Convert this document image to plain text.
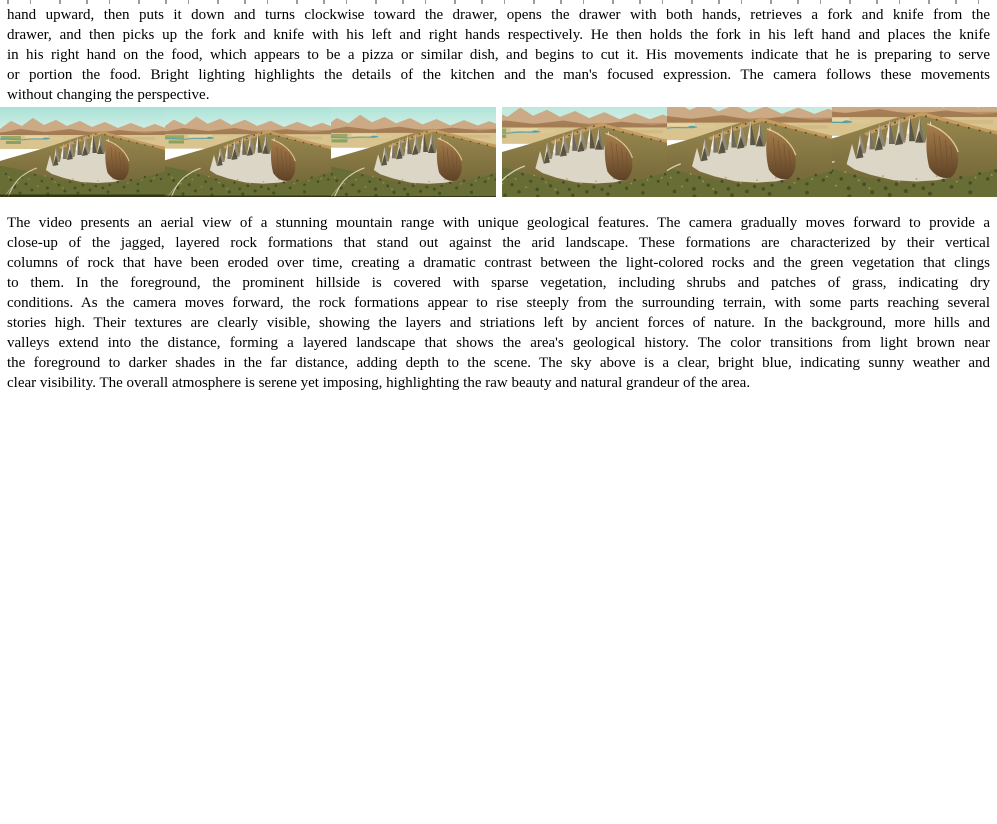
hand upward, then puts it down and turns clockwise toward the drawer, opens the drawer with both hands, retrieves a fork and knife from the
drawer, and then picks up the fork and knife with his left and right hands respectively. He then holds the fork in his left hand and places the knife
in his right hand on the food, which appears to be a pizza or similar dish, and begins to cut it. His movements indicate that he is preparing to serve
or portion the food. Bright lighting highlights the details of the kitchen and the man's focused expression. The camera follows these movements
without changing the perspective.
The video presents an aerial view of a stunning mountain range with unique geological features. The camera gradually moves forward to provide a
close-up of the jagged, layered rock formations that stand out against the arid landscape. These formations are characterized by their vertical
columns of rock that have been eroded over time, creating a dramatic contrast between the light-colored rocks and the green vegetation that clings
to them. In the foreground, the prominent hillside is covered with sparse vegetation, including shrubs and patches of grass, indicating dry
conditions. As the camera moves forward, the rock formations appear to rise steeply from the surrounding terrain, with some parts reaching several
stories high. Their textures are clearly visible, showing the layers and striations left by ancient forces of nature. In the background, more hills and
valleys extend into the distance, forming a layered landscape that shows the area's geological history. The color transitions from light brown near
the foreground to darker shades in the far distance, adding depth to the scene. The sky above is a clear, bright blue, indicating sunny weather and
clear visibility. The overall atmosphere is serene yet imposing, highlighting the raw beauty and natural grandeur of the area.
